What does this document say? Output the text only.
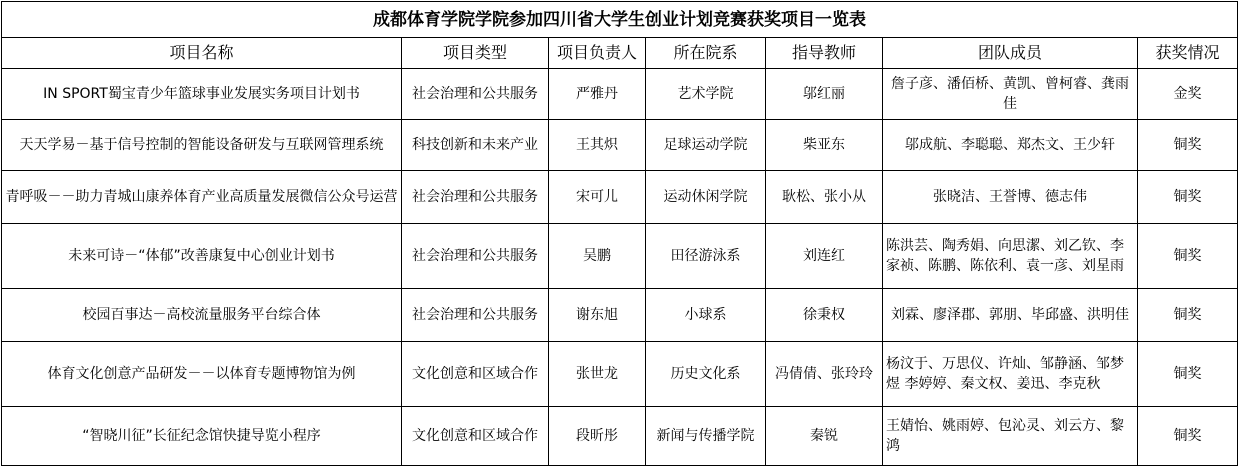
成都体育学院学院参加四川省大学生创业计划竞赛获奖项目一览表						
项目名称	项目类型	项目负责人	所在院系	指导教师	团队成员	获奖情况
IN SPORT蜀宝青少年篮球事业发展实务项目计划书	社会治理和公共服务	严雅丹	艺术学院	邬红丽	詹子彦、潘佰桥、黄凯、曾柯睿、龚雨佳	金奖
天天学易－基于信号控制的智能设备研发与互联网管理系统	科技创新和未来产业	王其炽	足球运动学院	柴亚东	邬成航、李聪聪、郑杰文、王少轩	铜奖
青呼吸－－助力青城山康养体育产业高质量发展微信公众号运营	社会治理和公共服务	宋可儿	运动休闲学院	耿松、张小从	张晓洁、王誉博、德志伟	铜奖
未来可诗－“体郁”改善康复中心创业计划书	社会治理和公共服务	吴鹏	田径游泳系	刘连红	陈洪芸、陶秀娟、向思潔、刘乙钦、李家祯、陈鹏、陈依利、袁一彦、刘星雨	铜奖
校园百事达－高校流量服务平台综合体	社会治理和公共服务	谢东旭	小球系	徐秉权	刘霖、廖泽郡、郭朋、毕邱盛、洪明佳	铜奖
体育文化创意产品研发－－以体育专题博物馆为例	文化创意和区域合作	张世龙	历史文化系	冯倩倩、张玲玲	杨汶于、万思仪、许灿、邹静涵、邹梦煜 李婷婷、秦文权、姜迅、李克秋	铜奖
“智晓川征”长征纪念馆快捷导览小程序	文化创意和区域合作	段昕彤	新闻与传播学院	秦锐	王婧怡、姚雨婷、包沁灵、刘云方、黎鸿	铜奖
